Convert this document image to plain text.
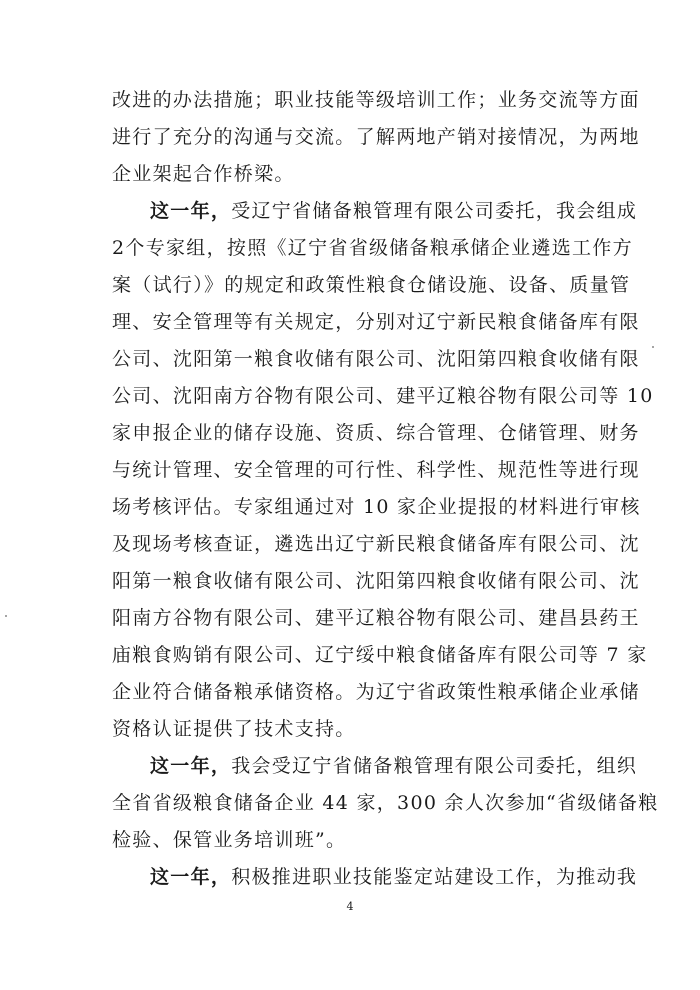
改进的办法措施；职业技能等级培训工作；业务交流等方面
进行了充分的沟通与交流。了解两地产销对接情况，为两地
企业架起合作桥梁。
这一年，受辽宁省储备粮管理有限公司委托，我会组成
2个专家组，按照《辽宁省省级储备粮承储企业遴选工作方
案（试行）》的规定和政策性粮食仓储设施、设备、质量管
理、安全管理等有关规定，分别对辽宁新民粮食储备库有限
公司、沈阳第一粮食收储有限公司、沈阳第四粮食收储有限
公司、沈阳南方谷物有限公司、建平辽粮谷物有限公司等 10
家申报企业的储存设施、资质、综合管理、仓储管理、财务
与统计管理、安全管理的可行性、科学性、规范性等进行现
场考核评估。专家组通过对 10 家企业提报的材料进行审核
及现场考核查证，遴选出辽宁新民粮食储备库有限公司、沈
阳第一粮食收储有限公司、沈阳第四粮食收储有限公司、沈
阳南方谷物有限公司、建平辽粮谷物有限公司、建昌县药王
庙粮食购销有限公司、辽宁绥中粮食储备库有限公司等 7 家
企业符合储备粮承储资格。为辽宁省政策性粮承储企业承储
资格认证提供了技术支持。
这一年，我会受辽宁省储备粮管理有限公司委托，组织
全省省级粮食储备企业 44 家，300 余人次参加“省级储备粮
检验、保管业务培训班”。
这一年，积极推进职业技能鉴定站建设工作，为推动我
4
